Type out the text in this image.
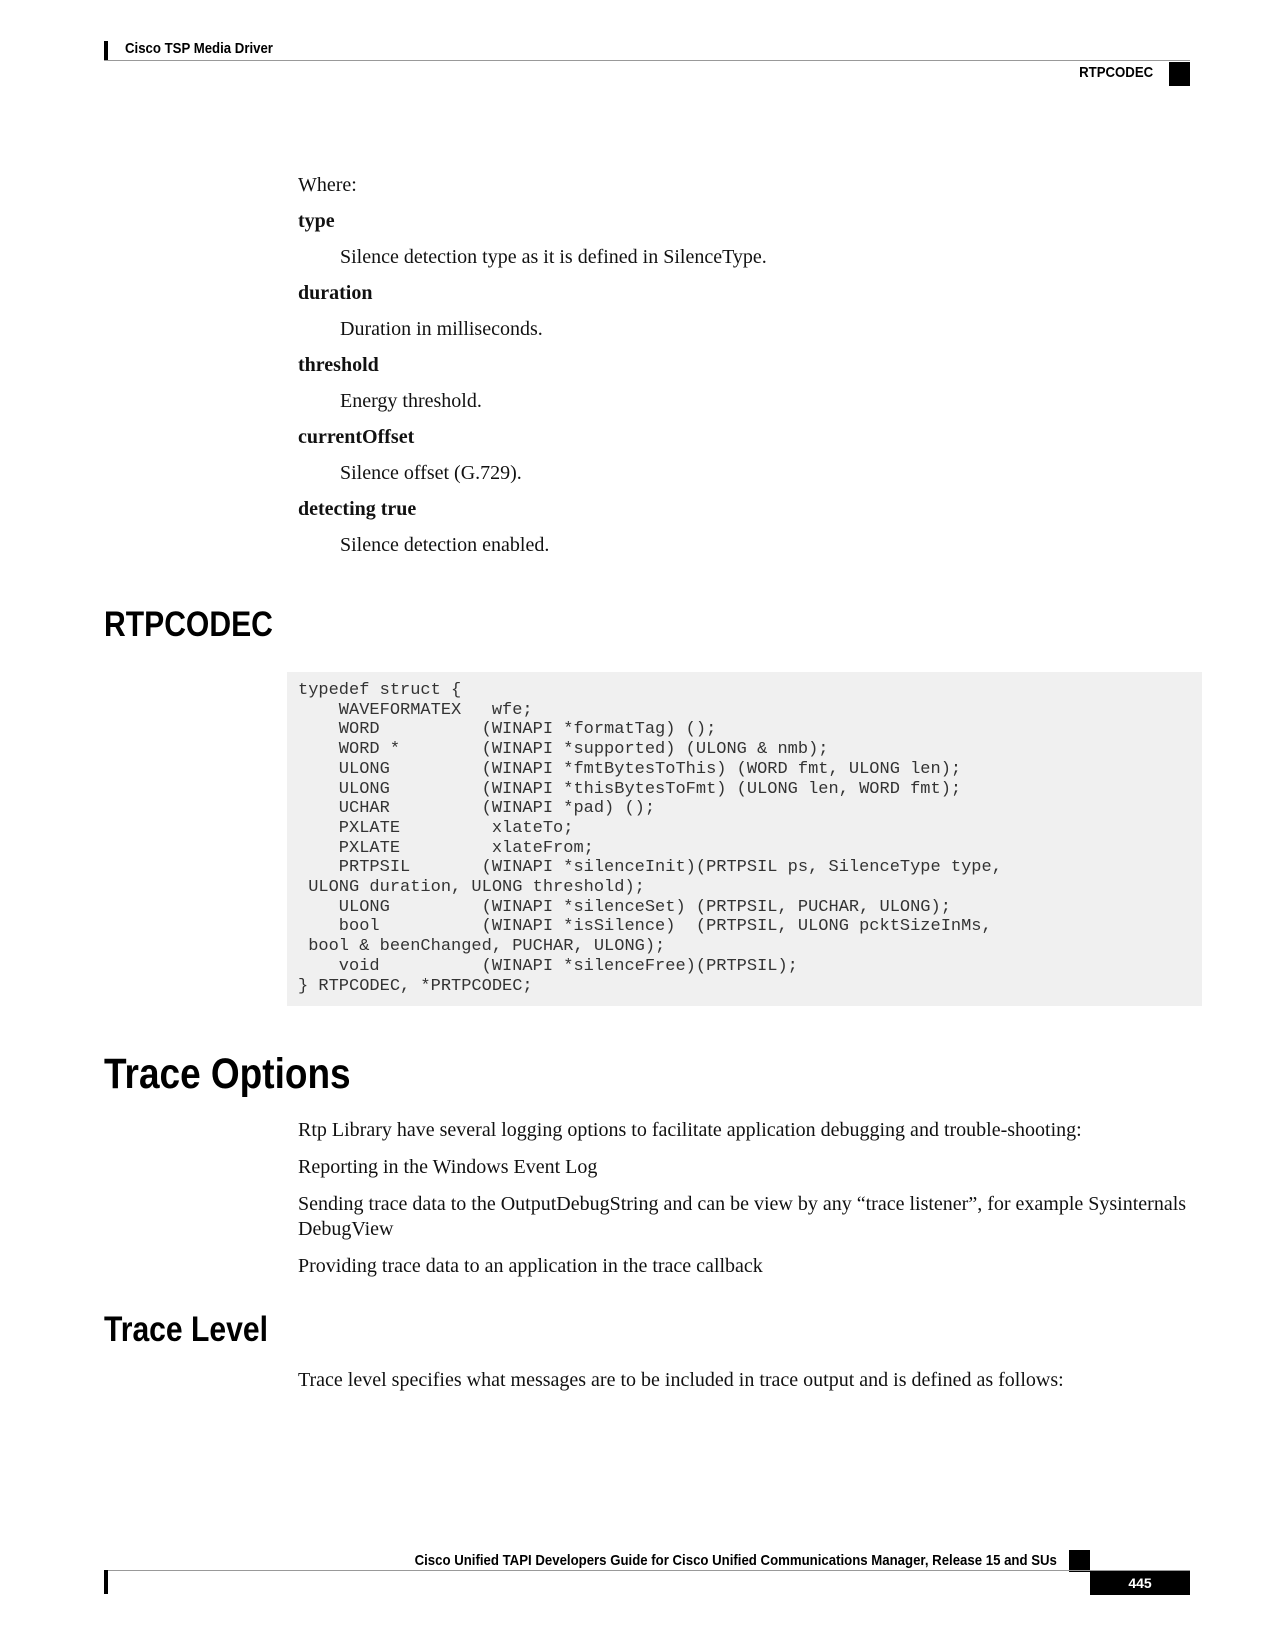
Cisco TSP Media Driver
RTPCODEC

Where:

type
Silence detection type as it is defined in SilenceType.
duration
Duration in milliseconds.
threshold
Energy threshold.
currentOffset
Silence offset (G.729).
detecting true
Silence detection enabled.
RTPCODEC
typedef struct {
WAVEFORMATEX   wfe;
WORD          (WINAPI *formatTag) ();
WORD *        (WINAPI *supported) (ULONG & nmb);
ULONG         (WINAPI *fmtBytesToThis) (WORD fmt, ULONG len);
ULONG         (WINAPI *thisBytesToFmt) (ULONG len, WORD fmt);
UCHAR         (WINAPI *pad) ();
PXLATE         xlateTo;
PXLATE         xlateFrom;
PRTPSIL       (WINAPI *silenceInit)(PRTPSIL ps, SilenceType type,
ULONG duration, ULONG threshold);
ULONG         (WINAPI *silenceSet) (PRTPSIL, PUCHAR, ULONG);
bool          (WINAPI *isSilence)  (PRTPSIL, ULONG pcktSizeInMs,
bool & beenChanged, PUCHAR, ULONG);
void          (WINAPI *silenceFree)(PRTPSIL);
} RTPCODEC, *PRTPCODEC;
Trace Options

Rtp Library have several logging options to facilitate application debugging and trouble-shooting:

Reporting in the Windows Event Log

Sending trace data to the OutputDebugString and can be view by any “trace listener”, for example Sysinternals DebugView

Providing trace data to an application in the trace callback

Trace Level

Trace level specifies what messages are to be included in trace output and is defined as follows:

Cisco Unified TAPI Developers Guide for Cisco Unified Communications Manager, Release 15 and SUs
445
